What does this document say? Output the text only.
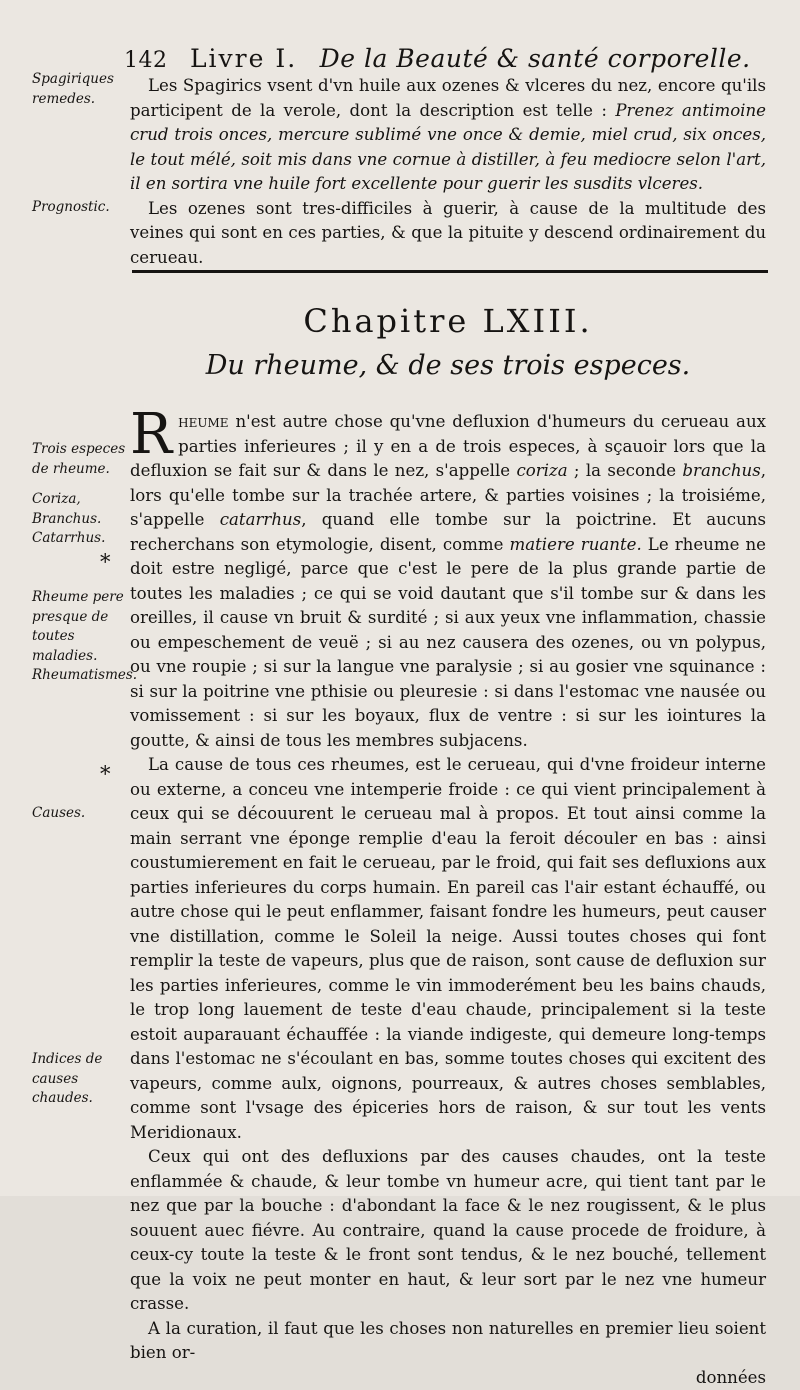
142 Livre I. De la Beauté & santé corporelle.
Spagiriques remedes.
Prognostic.
Trois especes de rheume.
Coriza, Branchus. Catarrhus.
*
Rheume pere presque de toutes maladies. Rheumatismes.
*
Causes.
Indices de causes chaudes.

Les Spagirics vsent d'vn huile aux ozenes & vlceres du nez, encore qu'ils participent de la verole, dont la description est telle : Prenez antimoine crud trois onces, mercure sublimé vne once & demie, miel crud, six onces, le tout mélé, soit mis dans vne cornue à distiller, à feu mediocre selon l'art, il en sortira vne huile fort excellente pour guerir les susdits vlceres.

Les ozenes sont tres-difficiles à guerir, à cause de la multitude des veines qui sont en ces parties, & que la pituite y descend ordinairement du cerueau.

Chapitre LXIII.
Du rheume, & de ses trois especes.

Rheume n'est autre chose qu'vne defluxion d'humeurs du cerueau aux parties inferieures ; il y en a de trois especes, à sçauoir lors que la defluxion se fait sur & dans le nez, s'appelle coriza ; la seconde branchus, lors qu'elle tombe sur la trachée artere, & parties voisines ; la troisiéme, s'appelle catarrhus, quand elle tombe sur la poictrine. Et aucuns recherchans son etymologie, disent, comme matiere ruante. Le rheume ne doit estre negligé, parce que c'est le pere de la plus grande partie de toutes les maladies ; ce qui se void dautant que s'il tombe sur & dans les oreilles, il cause vn bruit & surdité ; si aux yeux vne inflammation, chassie ou empeschement de veuë ; si au nez causera des ozenes, ou vn polypus, ou vne roupie ; si sur la langue vne paralysie ; si au gosier vne squinance : si sur la poitrine vne pthisie ou pleuresie : si dans l'estomac vne nausée ou vomissement : si sur les boyaux, flux de ventre : si sur les iointures la goutte, & ainsi de tous les membres subjacens.

La cause de tous ces rheumes, est le cerueau, qui d'vne froideur interne ou externe, a conceu vne intemperie froide : ce qui vient principalement à ceux qui se découurent le cerueau mal à propos. Et tout ainsi comme la main serrant vne éponge remplie d'eau la feroit découler en bas : ainsi coustumierement en fait le cerueau, par le froid, qui fait ses defluxions aux parties inferieures du corps humain. En pareil cas l'air estant échauffé, ou autre chose qui le peut enflammer, faisant fondre les humeurs, peut causer vne distillation, comme le Soleil la neige. Aussi toutes choses qui font remplir la teste de vapeurs, plus que de raison, sont cause de defluxion sur les parties inferieures, comme le vin immoderément beu les bains chauds, le trop long lauement de teste d'eau chaude, principalement si la teste estoit auparauant échauffée : la viande indigeste, qui demeure long-temps dans l'estomac ne s'écoulant en bas, somme toutes choses qui excitent des vapeurs, comme aulx, oignons, pourreaux, & autres choses semblables, comme sont l'vsage des épiceries hors de raison, & sur tout les vents Meridionaux.

Ceux qui ont des defluxions par des causes chaudes, ont la teste enflammée & chaude, & leur tombe vn humeur acre, qui tient tant par le nez que par la bouche : d'abondant la face & le nez rougissent, & le plus souuent auec fiévre. Au contraire, quand la cause procede de froidure, à ceux-cy toute la teste & le front sont tendus, & le nez bouché, tellement que la voix ne peut monter en haut, & leur sort par le nez vne humeur crasse.

A la curation, il faut que les choses non naturelles en premier lieu soient bien or-

données
